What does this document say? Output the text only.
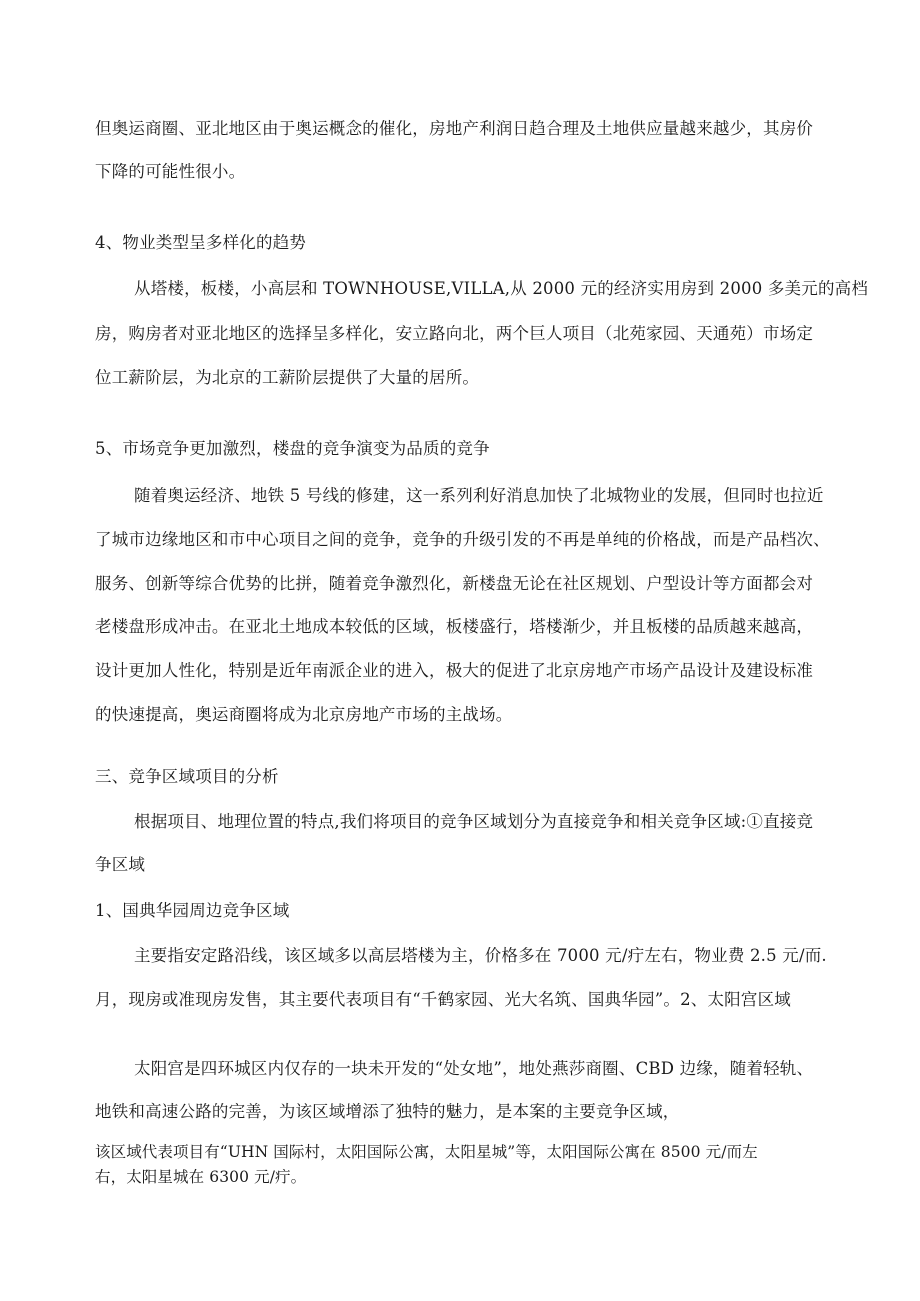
但奥运商圈、亚北地区由于奥运概念的催化，房地产利润日趋合理及土地供应量越来越少，其房价
下降的可能性很小。
4、物业类型呈多样化的趋势
从塔楼，板楼，小高层和 TOWNHOUSE,VILLA,从 2000 元的经济实用房到 2000 多美元的高档
房，购房者对亚北地区的选择呈多样化，安立路向北，两个巨人项目（北苑家园、天通苑）市场定
位工薪阶层，为北京的工薪阶层提供了大量的居所。
5、市场竞争更加激烈，楼盘的竞争演变为品质的竞争
随着奥运经济、地铁 5 号线的修建，这一系列利好消息加快了北城物业的发展，但同时也拉近
了城市边缘地区和市中心项目之间的竞争，竞争的升级引发的不再是单纯的价格战，而是产品档次、
服务、创新等综合优势的比拼，随着竞争激烈化，新楼盘无论在社区规划、户型设计等方面都会对
老楼盘形成冲击。在亚北土地成本较低的区域，板楼盛行，塔楼渐少，并且板楼的品质越来越高，
设计更加人性化，特别是近年南派企业的进入，极大的促进了北京房地产市场产品设计及建设标准
的快速提高，奥运商圈将成为北京房地产市场的主战场。
三、竞争区域项目的分析
根据项目、地理位置的特点,我们将项目的竞争区域划分为直接竞争和相关竞争区域:①直接竞
争区域
1、国典华园周边竞争区域
主要指安定路沿线，该区域多以高层塔楼为主，价格多在 7000 元/疔左右，物业费 2.5 元/而.
月，现房或准现房发售，其主要代表项目有“千鹤家园、光大名筑、国典华园”。2、太阳宫区域
太阳宫是四环城区内仅存的一块未开发的“处女地”，地处燕莎商圈、CBD 边缘，随着轻轨、
地铁和高速公路的完善，为该区域增添了独特的魅力，是本案的主要竞争区域，
该区域代表项目有“UHN 国际村，太阳国际公寓，太阳星城”等，太阳国际公寓在 8500 元/而左
右，太阳星城在 6300 元/疔。
